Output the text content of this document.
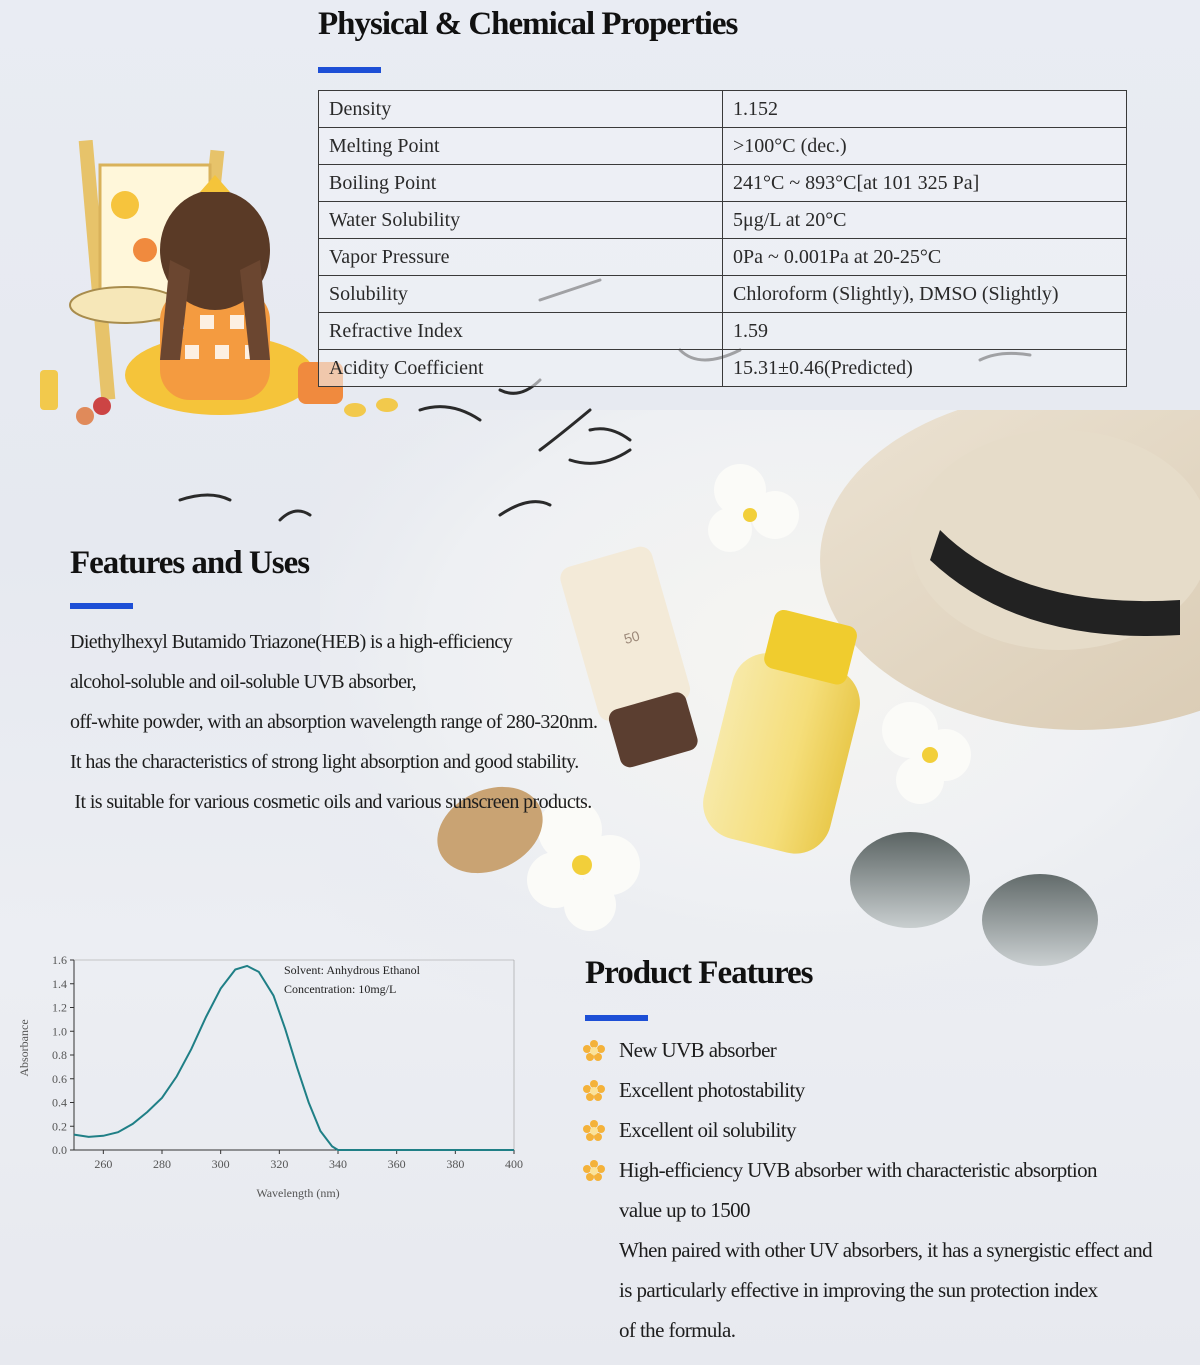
50
Physical & Chemical Properties
Density	1.152
Melting Point	>100°C (dec.)
Boiling Point	241°C ~ 893°C[at 101 325 Pa]
Water Solubility	5μg/L at 20°C
Vapor Pressure	0Pa ~ 0.001Pa at 20-25°C
Solubility	Chloroform (Slightly), DMSO (Slightly)
Refractive Index	1.59
Acidity Coefficient	15.31±0.46(Predicted)
Features and Uses
Diethylhexyl Butamido Triazone(HEB) is a high-efficiency
alcohol-soluble and oil-soluble UVB absorber,
off-white powder, with an absorption wavelength range of 280-320nm.
It has the characteristics of strong light absorption and good stability.
It is suitable for various cosmetic oils and various sunscreen products.
260	280	300	320	340	360	380	400
0.0
0.2
0.4
0.6
0.8
1.0
1.2
1.4
1.6
Solvent: Anhydrous Ethanol
Concentration: 10mg/L
Wavelength (nm)
Absorbance
Product Features
New UVB absorber
Excellent photostability
Excellent oil solubility
High-efficiency UVB absorber with characteristic absorption
value up to 1500
When paired with other UV absorbers, it has a synergistic effect and
is particularly effective in improving the sun protection index
of the formula.
